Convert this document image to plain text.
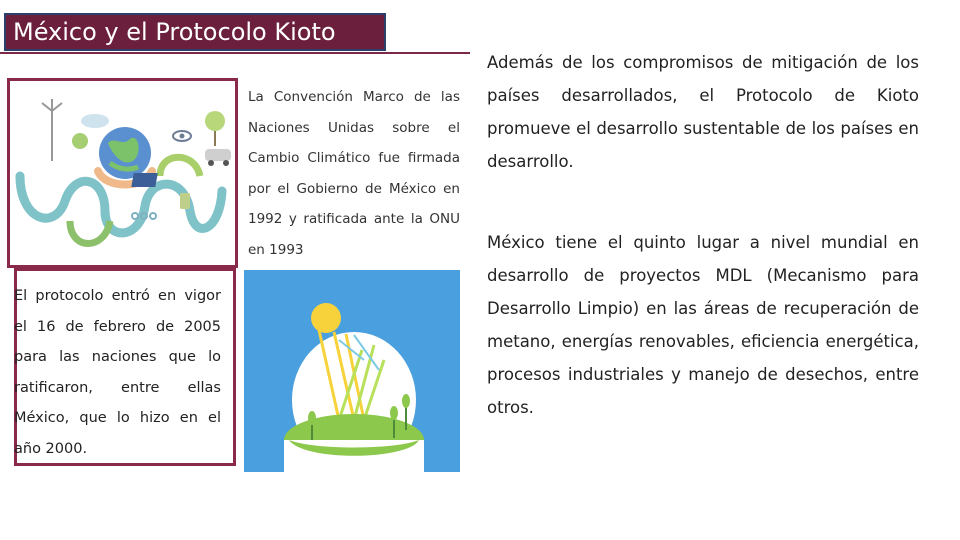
México y el Protocolo Kioto
La Convención Marco de las Naciones Unidas sobre el Cambio Climático fue firmada por el Gobierno de México en 1992 y ratificada ante la ONU en 1993
El protocolo entró en vigor el 16 de febrero de 2005 para las naciones que lo ratificaron, entre ellas México, que lo hizo en el año 2000.
Además de los compromisos de mitigación de los países desarrollados, el Protocolo de Kioto promueve el desarrollo sustentable de los países en desarrollo.
México tiene el quinto lugar a nivel mundial en desarrollo de proyectos MDL (Mecanismo para Desarrollo Limpio) en las áreas de recuperación de metano, energías renovables, eficiencia energética, procesos industriales y manejo de desechos, entre otros.
